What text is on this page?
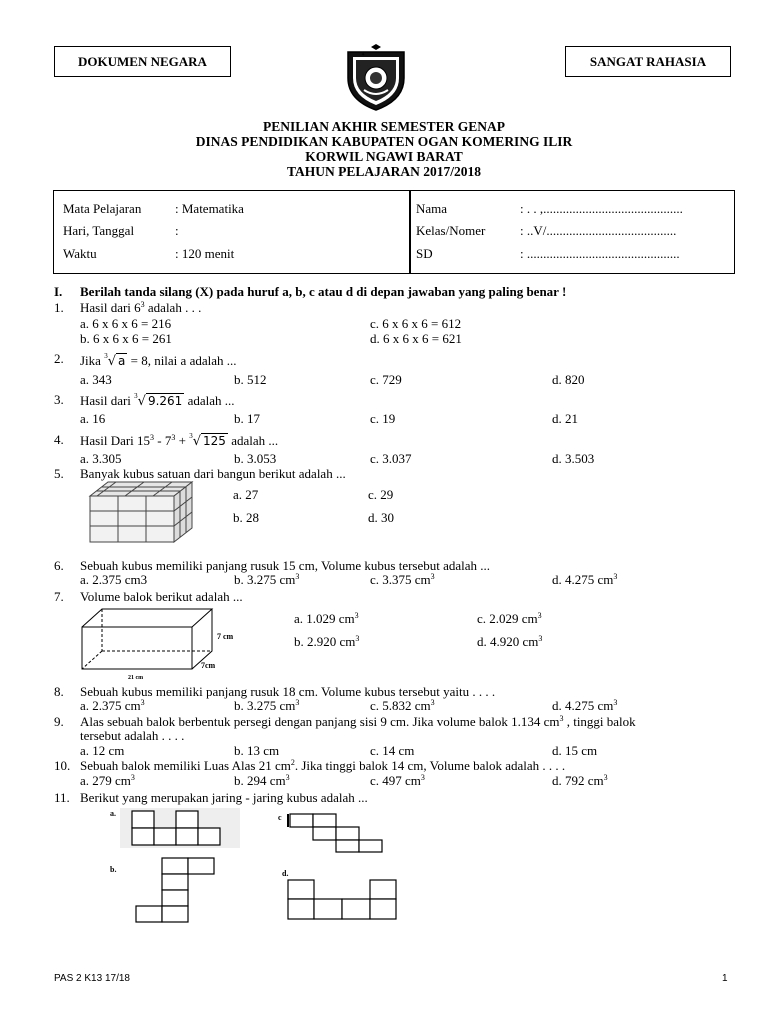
DOKUMEN NEGARA	SANGAT RAHASIA
✦
PENILIAN AKHIR SEMESTER GENAP
DINAS PENDIDIKAN KABUPATEN OGAN KOMERING ILIR
KORWIL NGAWI BARAT
TAHUN PELAJARAN 2017/2018
Mata Pelajaran	: Matematika
Hari, Tanggal	:
Waktu	: 120 menit
Nama	: . . ,...........................................
Kelas/Nomer	: ..V/........................................
SD	: ...............................................
I. Berilah tanda silang (X) pada huruf a, b, c atau d di depan jawaban yang paling benar !
1. Hasil dari $6^3$ adalah . . .
a. 6 x 6 x 6 = 216
b. 6 x 6 x 6 = 261
c. 6 x 6 x 6 = 612
d. 6 x 6 x 6 = 621
2. Jika $^3$√ a = 8, nilai a adalah ...
a. 343	b. 512	c. 729	d. 820
3. Hasil dari $^3$√ 9.261 adalah ...
a. 16	b. 17	c. 19	d. 21
4. Hasil Dari $15^3 - 7^3 + ^3√$ 125 adalah ...
a. 3.305	b. 3.053	c. 3.037	d. 3.503
5. Banyak kubus satuan dari bangun berikut adalah ...
a. 27
b. 28
c. 29
d. 30
6. Sebuah kubus memiliki panjang rusuk 15 cm, Volume kubus tersebut adalah ...
a. 2.375 cm3	b. 3.275 $cm^3$	c. 3.375 $cm^3$	d. 4.275 $cm^3$
7. Volume balok berikut adalah ...
7 cm
7cm
21 cm
a. 1.029 $cm^3$
b. 2.920 $cm^3$
c. 2.029 $cm^3$
d. 4.920 $cm^3$
8. Sebuah kubus memiliki panjang rusuk 18 cm. Volume kubus tersebut yaitu . . . .
a. 2.375 $cm^3$	b. 3.275 $cm^3$	c. 5.832 $cm^3$	d. 4.275 $cm^3$
9. Alas sebuah balok berbentuk persegi dengan panjang sisi 9 cm. Jika volume balok 1.134 $cm^3$ , tinggi balok
tersebut adalah . . . .
a. 12 cm	b. 13 cm	c. 14 cm	d. 15 cm
10. Sebuah balok memiliki Luas Alas 21 $cm^2$. Jika tinggi balok 14 cm, Volume balok adalah . . . .
a. 279 $cm^3$	b. 294 $cm^3$	c. 497 $cm^3$	d. 792 $cm^3$
11. Berikut yang merupakan jaring - jaring kubus adalah ...
a.	c
b.	d.
PAS 2 K13 17/18	1
